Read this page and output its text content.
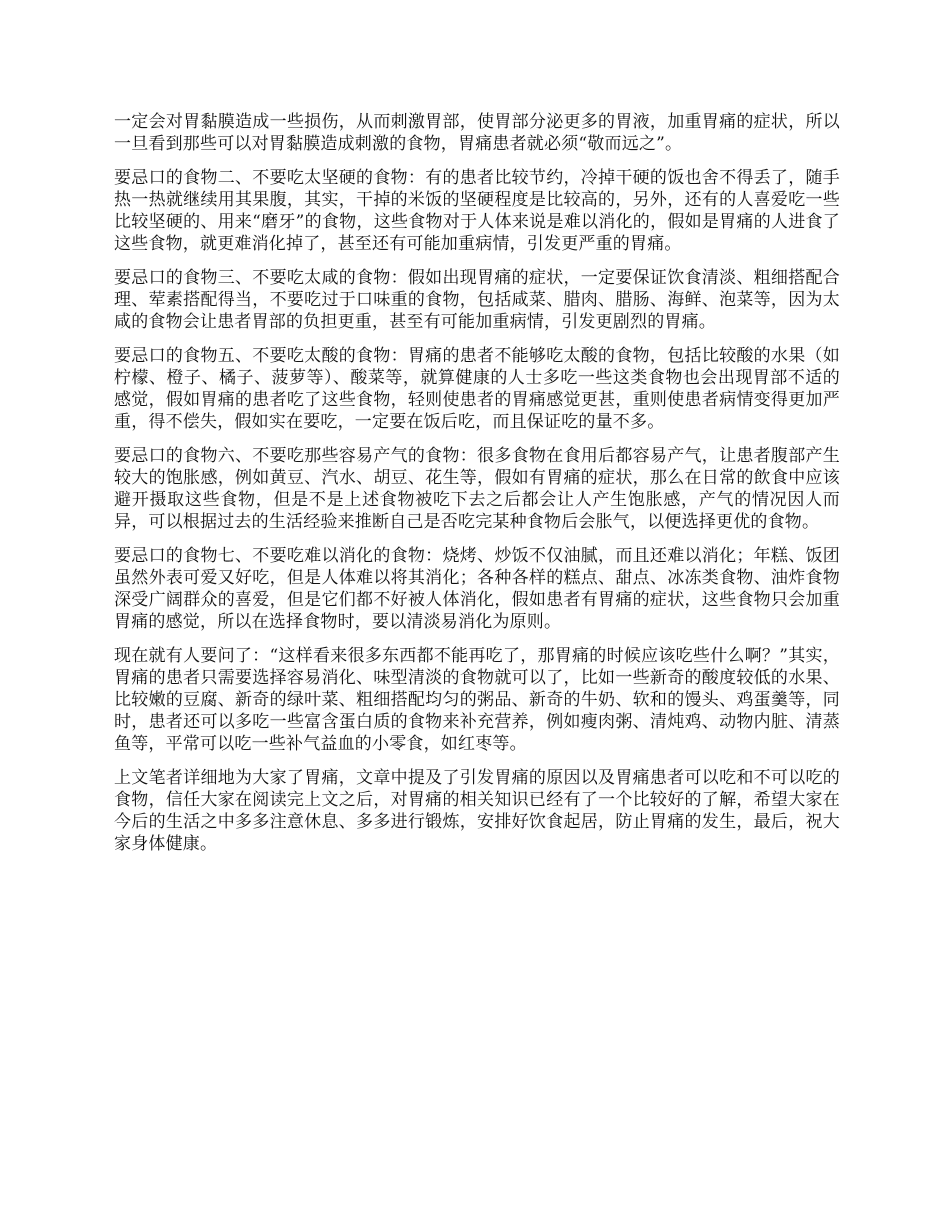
一定会对胃黏膜造成一些损伤，从而刺激胃部，使胃部分泌更多的胃液，加重胃痛的症状，所以一旦看到那些可以对胃黏膜造成刺激的食物，胃痛患者就必须“敬而远之”。

要忌口的食物二、不要吃太坚硬的食物：有的患者比较节约，冷掉干硬的饭也舍不得丢了，随手热一热就继续用其果腹，其实，干掉的米饭的坚硬程度是比较高的，另外，还有的人喜爱吃一些比较坚硬的、用来“磨牙”的食物，这些食物对于人体来说是难以消化的，假如是胃痛的人进食了这些食物，就更难消化掉了，甚至还有可能加重病情，引发更严重的胃痛。

要忌口的食物三、不要吃太咸的食物：假如出现胃痛的症状，一定要保证饮食清淡、粗细搭配合理、荤素搭配得当，不要吃过于口味重的食物，包括咸菜、腊肉、腊肠、海鲜、泡菜等，因为太咸的食物会让患者胃部的负担更重，甚至有可能加重病情，引发更剧烈的胃痛。

要忌口的食物五、不要吃太酸的食物：胃痛的患者不能够吃太酸的食物，包括比较酸的水果（如柠檬、橙子、橘子、菠萝等）、酸菜等，就算健康的人士多吃一些这类食物也会出现胃部不适的感觉，假如胃痛的患者吃了这些食物，轻则使患者的胃痛感觉更甚，重则使患者病情变得更加严重，得不偿失，假如实在要吃，一定要在饭后吃，而且保证吃的量不多。

要忌口的食物六、不要吃那些容易产气的食物：很多食物在食用后都容易产气，让患者腹部产生较大的饱胀感，例如黄豆、汽水、胡豆、花生等，假如有胃痛的症状，那么在日常的飲食中应该避开摄取这些食物，但是不是上述食物被吃下去之后都会让人产生饱胀感，产气的情况因人而异，可以根据过去的生活经验来推断自己是否吃完某种食物后会胀气，以便选择更优的食物。

要忌口的食物七、不要吃难以消化的食物：烧烤、炒饭不仅油腻，而且还难以消化；年糕、饭团虽然外表可爱又好吃，但是人体难以将其消化；各种各样的糕点、甜点、冰冻类食物、油炸食物深受广阔群众的喜爱，但是它们都不好被人体消化，假如患者有胃痛的症状，这些食物只会加重胃痛的感觉，所以在选择食物时，要以清淡易消化为原则。

现在就有人要问了：“这样看来很多东西都不能再吃了，那胃痛的时候应该吃些什么啊？”其实，胃痛的患者只需要选择容易消化、味型清淡的食物就可以了，比如一些新奇的酸度较低的水果、比较嫩的豆腐、新奇的绿叶菜、粗细搭配均匀的粥品、新奇的牛奶、软和的馒头、鸡蛋羹等，同时，患者还可以多吃一些富含蛋白质的食物来补充营养，例如瘦肉粥、清炖鸡、动物内脏、清蒸鱼等，平常可以吃一些补气益血的小零食，如红枣等。

上文笔者详细地为大家了胃痛，文章中提及了引发胃痛的原因以及胃痛患者可以吃和不可以吃的食物，信任大家在阅读完上文之后，对胃痛的相关知识已经有了一个比较好的了解，希望大家在今后的生活之中多多注意休息、多多进行锻炼，安排好饮食起居，防止胃痛的发生，最后，祝大家身体健康。
